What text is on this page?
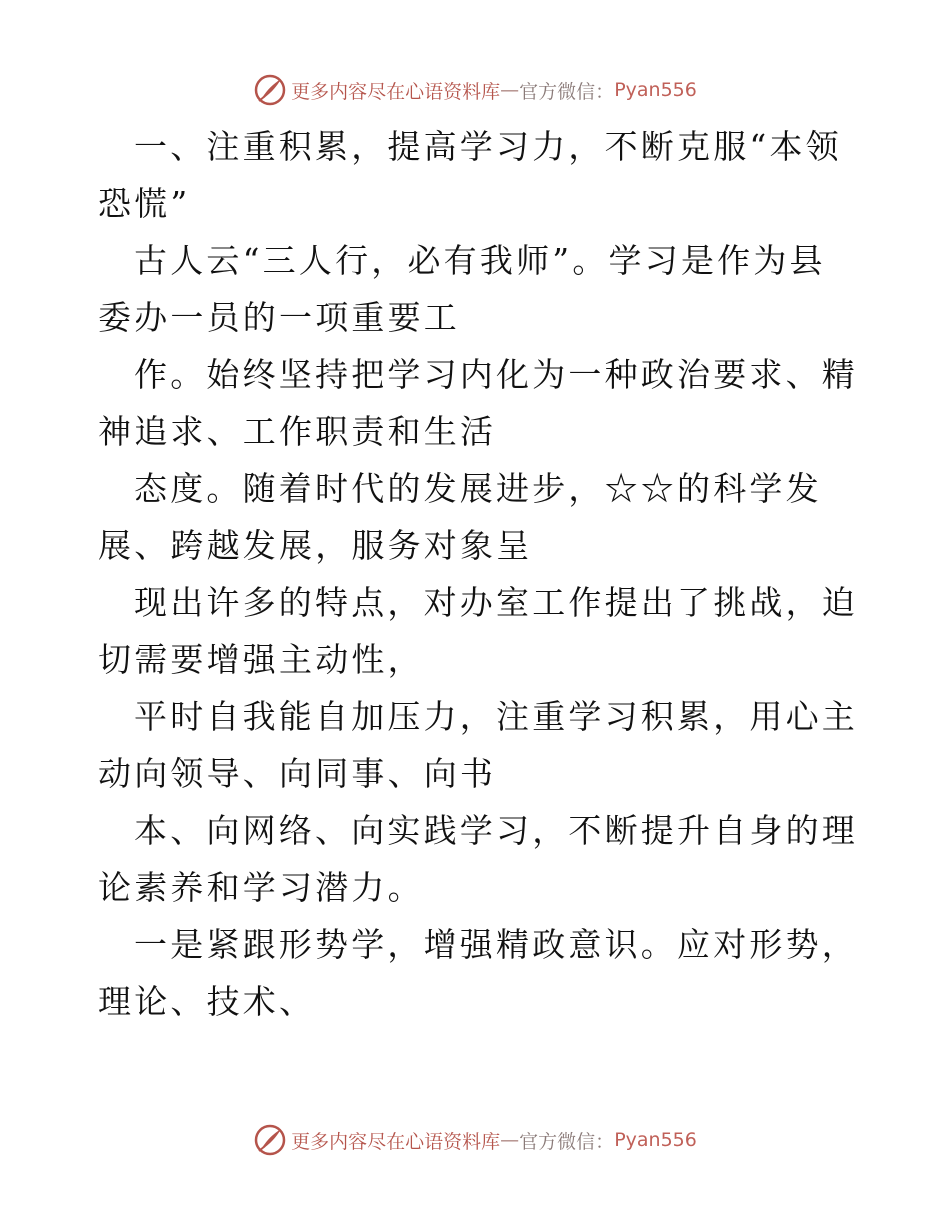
更多内容尽在心语资料库 — 官方微信： Pyan556

一、注重积累，提高学习力，不断克服“本领恐慌”

古人云“三人行，必有我师”。学习是作为县委办一员的一项重要工

作。始终坚持把学习内化为一种政治要求、精神追求、工作职责和生活

态度。随着时代的发展进步，☆☆的科学发展、跨越发展，服务对象呈

现出许多的特点，对办室工作提出了挑战，迫切需要增强主动性，

平时自我能自加压力，注重学习积累，用心主动向领导、向同事、向书

本、向网络、向实践学习，不断提升自身的理论素养和学习潜力。

一是紧跟形势学，增强精政意识。应对形势，理论、技术、

更多内容尽在心语资料库 — 官方微信： Pyan556
